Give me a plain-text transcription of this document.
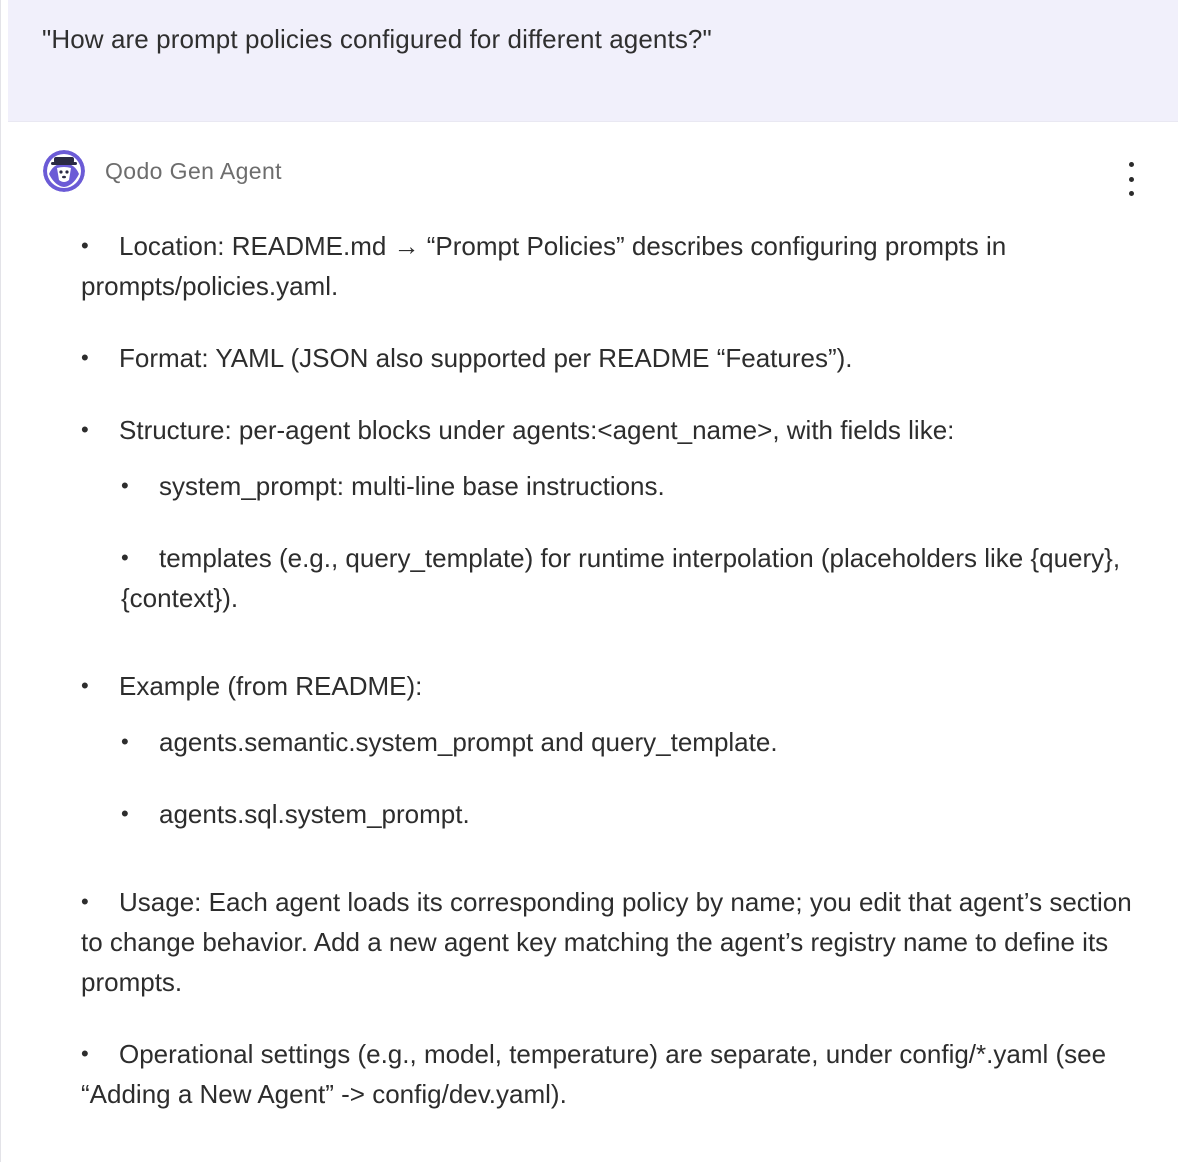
"How are prompt policies configured for different agents?"
Qodo Gen Agent
• Location: README.md → “Prompt Policies” describes configuring prompts in prompts/policies.yaml.
• Format: YAML (JSON also supported per README “Features”).
• Structure: per-agent blocks under agents:<agent_name>, with fields like:
• system_prompt: multi-line base instructions.
• templates (e.g., query_template) for runtime interpolation (placeholders like {query}, {context}).
• Example (from README):
• agents.semantic.system_prompt and query_template.
• agents.sql.system_prompt.
• Usage: Each agent loads its corresponding policy by name; you edit that agent’s section to change behavior. Add a new agent key matching the agent’s registry name to define its prompts.
• Operational settings (e.g., model, temperature) are separate, under config/*.yaml (see “Adding a New Agent” -> config/dev.yaml).
